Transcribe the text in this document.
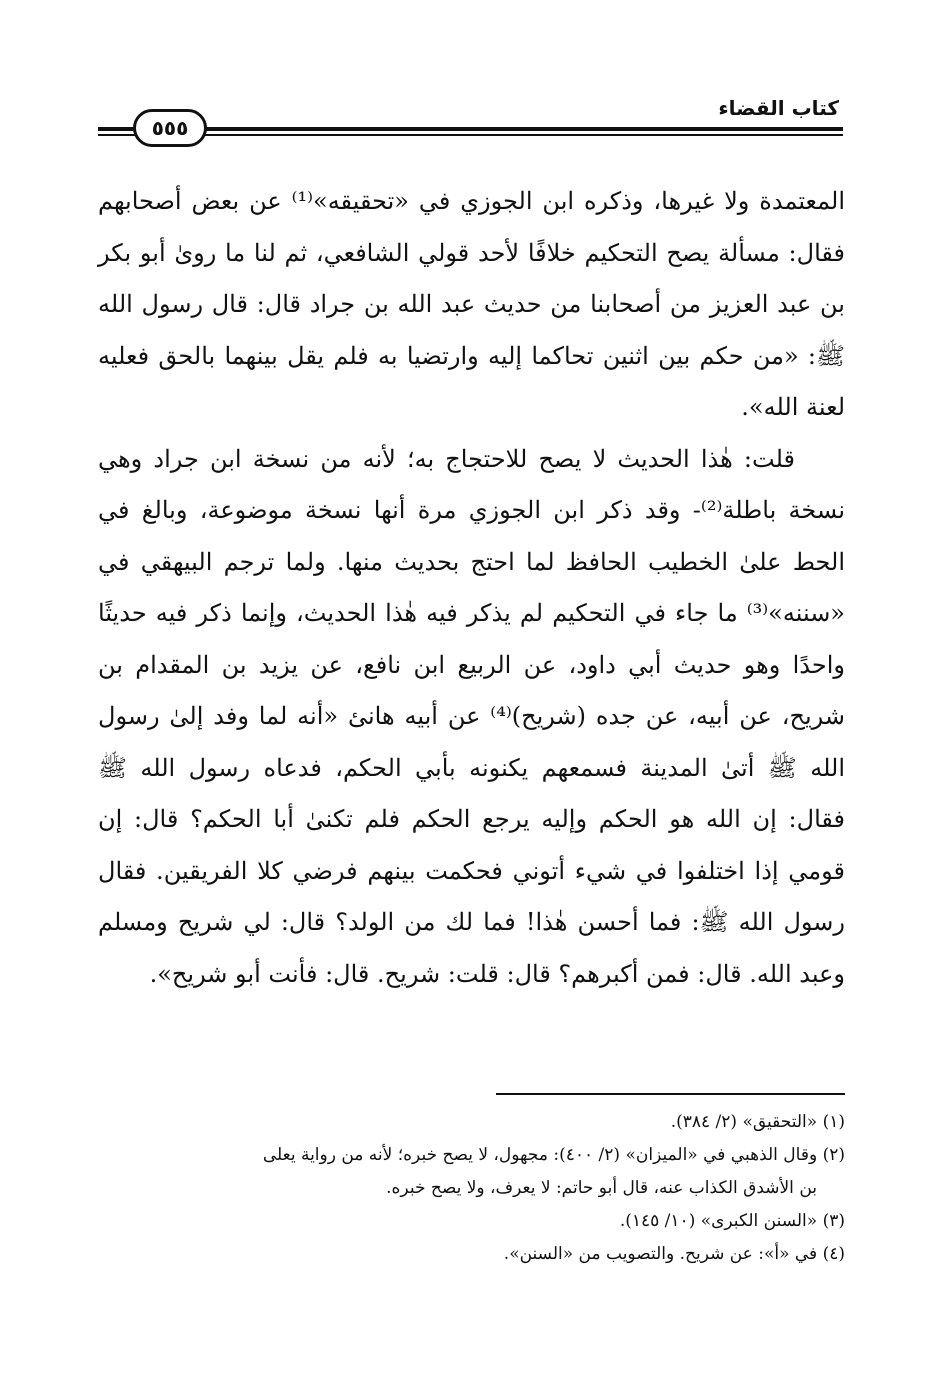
كتاب القضاء
٥٥٥

المعتمدة ولا غيرها، وذكره ابن الجوزي في «تحقيقه»⁽¹⁾ عن بعض أصحابهم فقال: مسألة يصح التحكيم خلافًا لأحد قولي الشافعي، ثم لنا ما روىٰ أبو بكر بن عبد العزيز من أصحابنا من حديث عبد الله بن جراد قال: قال رسول الله ﷺ: «من حكم بين اثنين تحاكما إليه وارتضيا به فلم يقل بينهما بالحق فعليه لعنة الله».

قلت: هٰذا الحديث لا يصح للاحتجاج به؛ لأنه من نسخة ابن جراد وهي نسخة باطلة⁽²⁾- وقد ذكر ابن الجوزي مرة أنها نسخة موضوعة، وبالغ في الحط علىٰ الخطيب الحافظ لما احتج بحديث منها. ولما ترجم البيهقي في «سننه»⁽³⁾ ما جاء في التحكيم لم يذكر فيه هٰذا الحديث، وإنما ذكر فيه حديثًا واحدًا وهو حديث أبي داود، عن الربيع ابن نافع، عن يزيد بن المقدام بن شريح، عن أبيه، عن جده (شريح)⁽⁴⁾ عن أبيه هانئ «أنه لما وفد إلىٰ رسول الله ﷺ أتىٰ المدينة فسمعهم يكنونه بأبي الحكم، فدعاه رسول الله ﷺ فقال: إن الله هو الحكم وإليه يرجع الحكم فلم تكنىٰ أبا الحكم؟ قال: إن قومي إذا اختلفوا في شيء أتوني فحكمت بينهم فرضي كلا الفريقين. فقال رسول الله ﷺ: فما أحسن هٰذا! فما لك من الولد؟ قال: لي شريح ومسلم وعبد الله. قال: فمن أكبرهم؟ قال: قلت: شريح. قال: فأنت أبو شريح».

(١) «التحقيق» (٢/ ٣٨٤).

(٢) وقال الذهبي في «الميزان» (٢/ ٤٠٠): مجهول، لا يصح خبره؛ لأنه من رواية يعلى

بن الأشدق الكذاب عنه، قال أبو حاتم: لا يعرف، ولا يصح خبره.

(٣) «السنن الكبرى» (١٠/ ١٤٥).

(٤) في «أ»: عن شريح. والتصويب من «السنن».
